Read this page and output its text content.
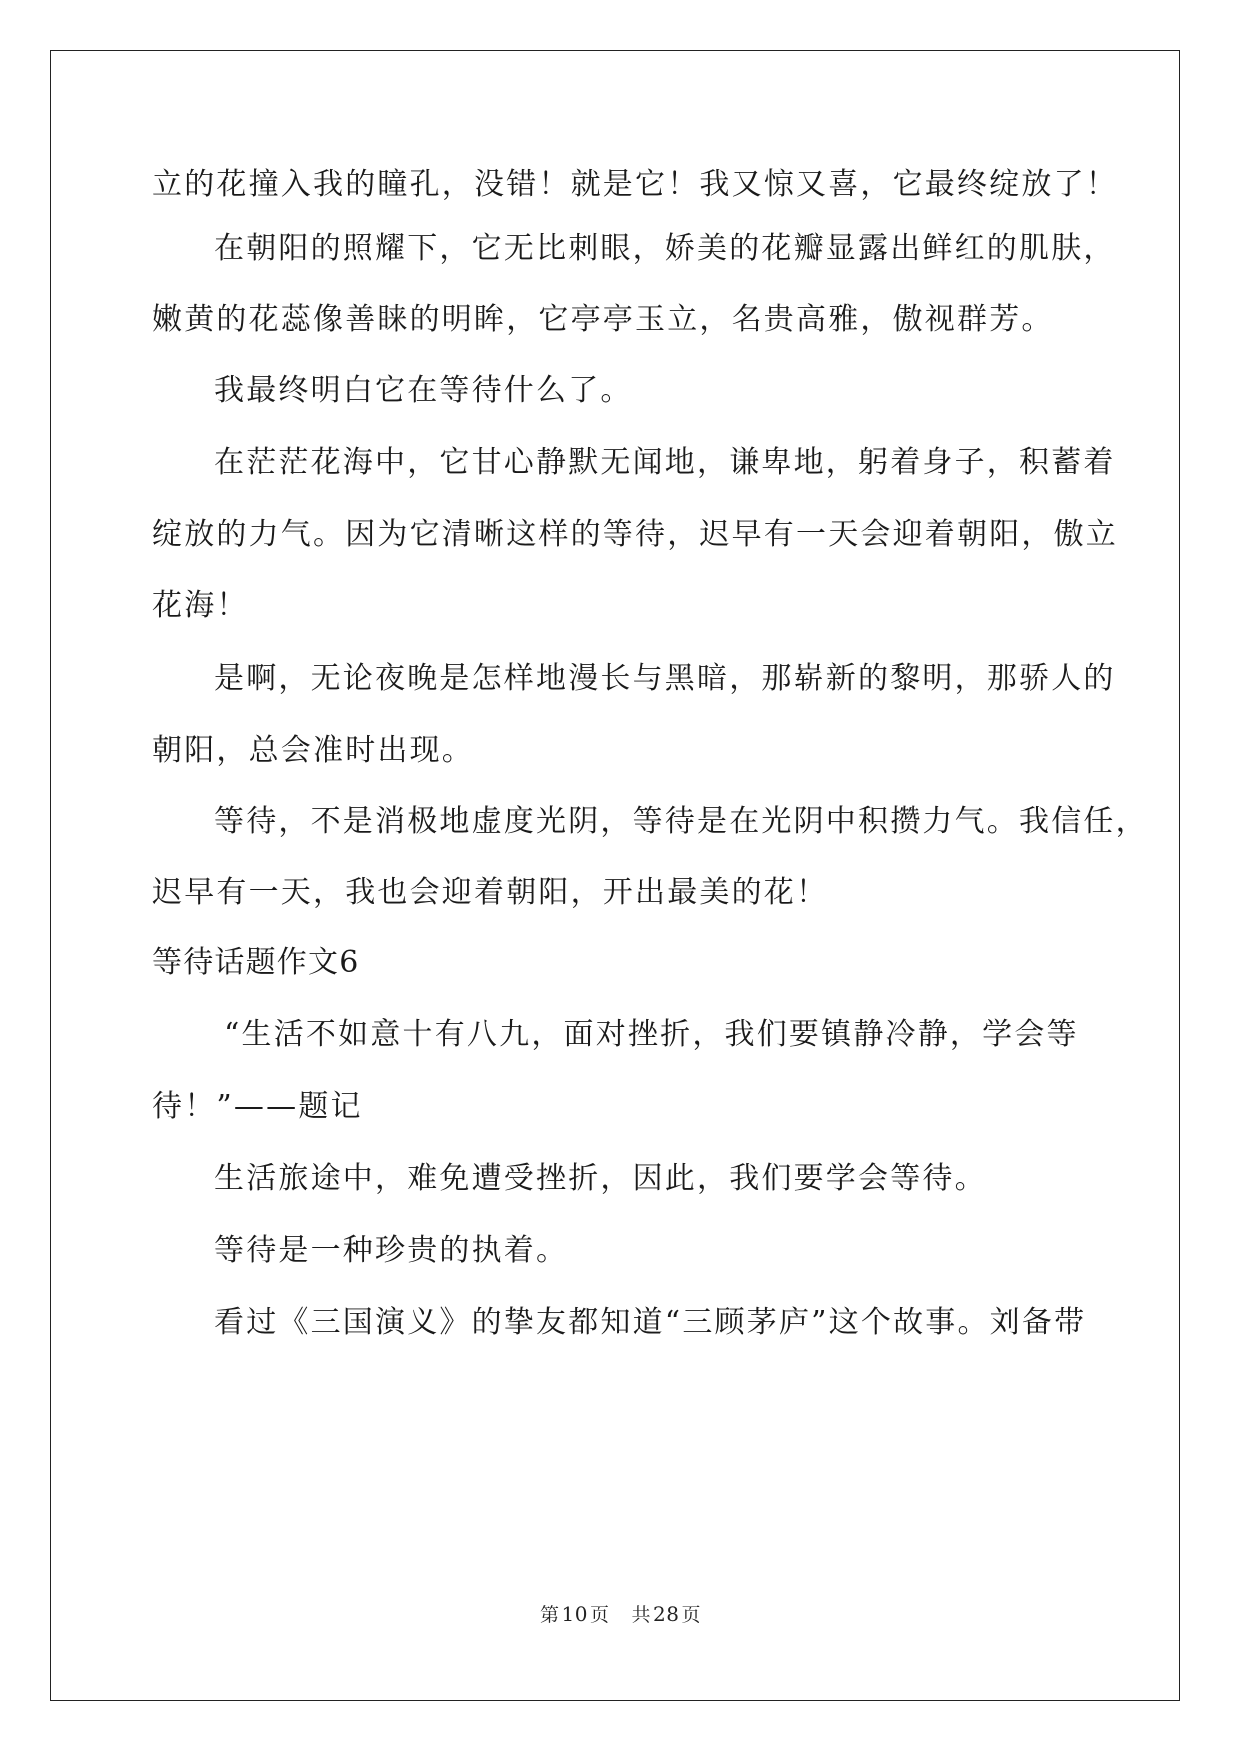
立的花撞入我的瞳孔，没错！就是它！我又惊又喜，它最终绽放了！
在朝阳的照耀下，它无比刺眼，娇美的花瓣显露出鲜红的肌肤，
嫩黄的花蕊像善睐的明眸，它亭亭玉立，名贵高雅，傲视群芳。
我最终明白它在等待什么了。
在茫茫花海中，它甘心静默无闻地，谦卑地，躬着身子，积蓄着
绽放的力气。因为它清晰这样的等待，迟早有一天会迎着朝阳，傲立
花海！
是啊，无论夜晚是怎样地漫长与黑暗，那崭新的黎明，那骄人的
朝阳，总会准时出现。
等待，不是消极地虚度光阴，等待是在光阴中积攒力气。我信任，
迟早有一天，我也会迎着朝阳，开出最美的花！
等待话题作文6
“生活不如意十有八九，面对挫折，我们要镇静冷静，学会等
待！”——题记
生活旅途中，难免遭受挫折，因此，我们要学会等待。
等待是一种珍贵的执着。
看过《三国演义》的挚友都知道“三顾茅庐”这个故事。刘备带
第 10 页 共 28 页
